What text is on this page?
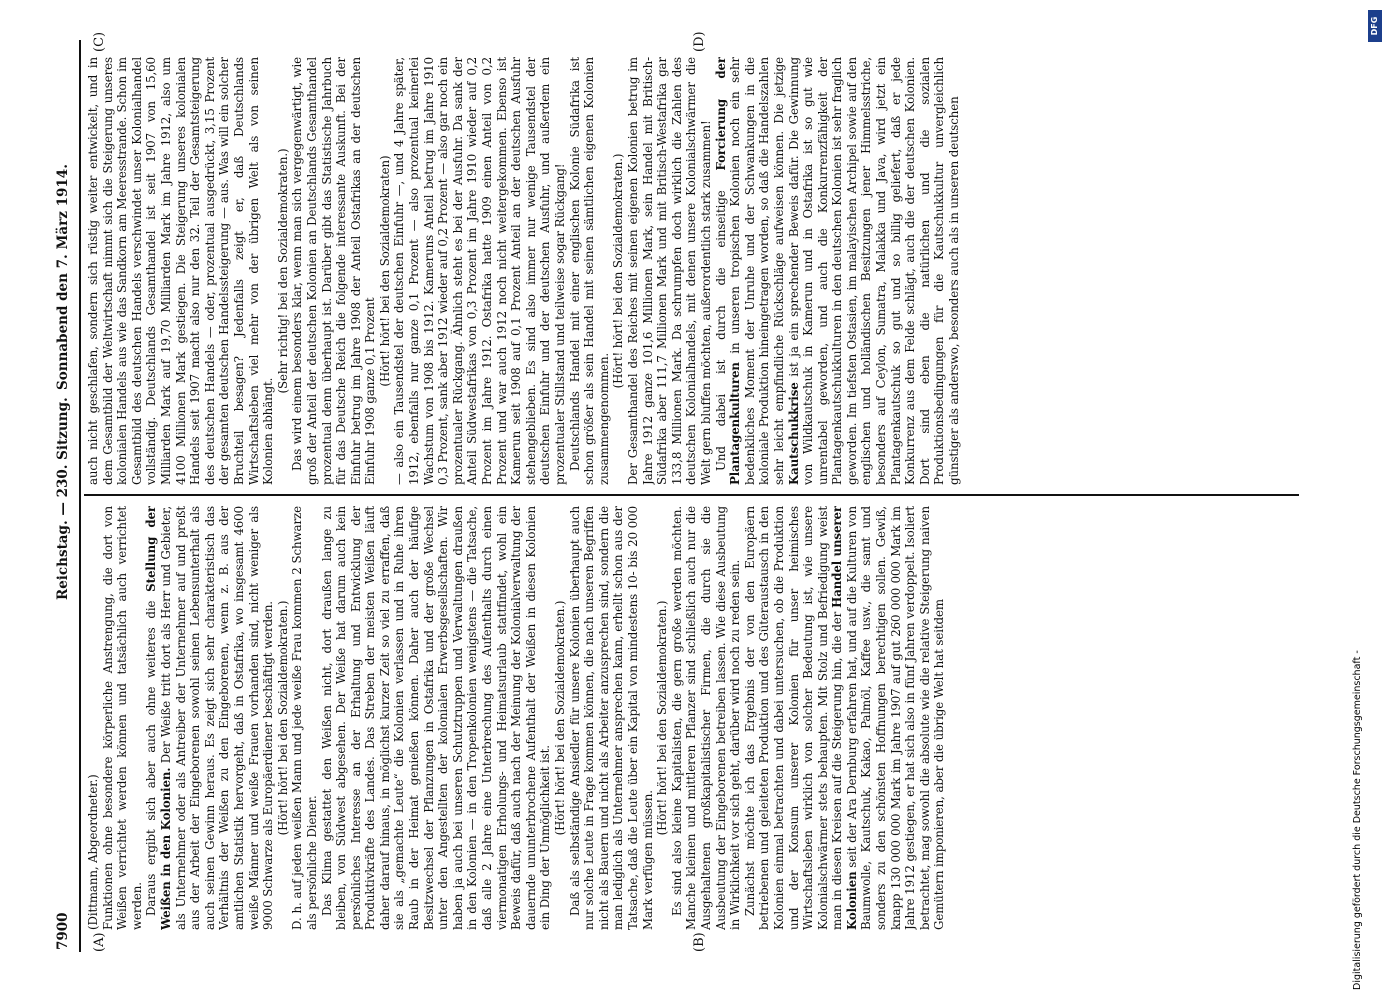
7900
Reichstag. — 230. Sitzung.
Sonnabend den 7. März 1914.
(A)	(B)
(C)	(D)

(Dittmann, Abgeordneter.) Funktionen ohne besondere körperliche Anstrengung, die dort von Weißen verrichtet werden können und tatsächlich auch verrichtet werden. Daraus ergibt sich aber auch ohne weiteres die Stellung der Weißen in den Kolonien. Der Weiße tritt dort als Herr und Gebieter, als Unternehmer oder als Antreiber der Unternehmer auf und preßt aus der Arbeit der Eingeborenen sowohl seinen Lebensunterhalt als auch seinen Gewinn heraus. Es zeigt sich sehr charakteristisch das Verhältnis der Weißen zu den Eingeborenen, wenn z. B. aus der amtlichen Statistik hervorgeht, daß in Ostafrika, wo insgesamt 4600 weiße Männer und weiße Frauen vorhanden sind, nicht weniger als 9000 Schwarze als Europäerdiener beschäftigt werden. (Hört! hört! bei den Sozialdemokraten.) D. h. auf jeden weißen Mann und jede weiße Frau kommen 2 Schwarze als persönliche Diener. Das Klima gestattet den Weißen nicht, dort draußen lange zu bleiben, von Südwest abgesehen. Der Weiße hat darum auch kein persönliches Interesse an der Erhaltung und Entwicklung der Produktivkräfte des Landes. Das Streben der meisten Weißen läuft daher darauf hinaus, in möglichst kurzer Zeit so viel zu erraffen, daß sie als „gemachte Leute“ die Kolonien verlassen und in Ruhe ihren Raub in der Heimat genießen können. Daher auch der häufige Besitzwechsel der Pflanzungen in Ostafrika und der große Wechsel unter den Angestellten der kolonialen Erwerbsgesellschaften. Wir haben ja auch bei unseren Schutztruppen und Verwaltungen draußen in den Kolonien — in den Tropenkolonien wenigstens — die Tatsache, daß alle 2 Jahre eine Unterbrechung des Aufenthalts durch einen viermonatigen Erholungs- und Heimatsurlaub stattfindet, wohl ein Beweis dafür, daß auch nach der Meinung der Kolonialverwaltung der dauernde ununterbrochene Aufenthalt der Weißen in diesen Kolonien ein Ding der Unmöglichkeit ist.

(Hört! hört! bei den Sozialdemokraten.) Daß als selbständige Ansiedler für unsere Kolonien überhaupt auch nur solche Leute in Frage kommen können, die nach unseren Begriffen nicht als Bauern und nicht als Arbeiter anzusprechen sind, sondern die man lediglich als Unternehmer ansprechen kann, erhellt schon aus der Tatsache, daß die Leute über ein Kapital von mindestens 10- bis 20 000 Mark verfügen müssen.

(Hört! hört! bei den Sozialdemokraten.) Es sind also kleine Kapitalisten, die gern große werden möchten. Manche kleinen und mittleren Pflanzer sind schließlich auch nur die Ausgehaltenen großkapitalistischer Firmen, die durch sie die Ausbeutung der Eingeborenen betreiben lassen. Wie diese Ausbeutung in Wirklichkeit vor sich geht, darüber wird noch zu reden sein. Zunächst möchte ich das Ergebnis der von den Europäern betriebenen und geleiteten Produktion und des Güteraustausch in den Kolonien einmal betrachten und dabei untersuchen, ob die Produktion und der Konsum unserer Kolonien für unser heimisches Wirtschaftsleben wirklich von solcher Bedeutung ist, wie unsere Kolonialschwärmer stets behaupten. Mit Stolz und Befriedigung weist man in diesen Kreisen auf die Steigerung hin, die der Handel unserer Kolonien seit der Ara Dernburg erfahren hat, und auf die Kulturen von Baumwolle, Kautschuk, Kakao, Palmöl, Kaffee usw., die samt und sonders zu den schönsten Hoffnungen berechtigen sollen. Gewiß, knapp 130 000 000 Mark im Jahre 1907 auf gut 260 000 000 Mark im Jahre 1912 gestiegen, er hat sich also in fünf Jahren verdoppelt. Isoliert betrachtet, mag sowohl die absolute wie die relative Steigerung naiven Gemütern imponieren, aber die übrige Welt hat seitdem

auch nicht geschlafen, sondern sich rüstig weiter entwickelt, und in dem Gesamtbild der Weltwirtschaft nimmt sich die Steigerung unseres kolonialen Handels aus wie das Sandkorn am Meeresstrande. Schon im Gesamtbild des deutschen Handels verschwindet unser Kolonialhandel vollständig. Deutschlands Gesamthandel ist seit 1907 von 15,60 Milliarden Mark auf 19,70 Milliarden Mark im Jahre 1912, also um 4100 Millionen Mark gestiegen. Die Steigerung unseres kolonialen Handels seit 1907 macht also nur den 32. Teil der Gesamtsteigerung des deutschen Handels — oder, prozentual ausgedrückt, 3,15 Prozent der gesamten deutschen Handelssteigerung — aus. Was will ein solcher Bruchteil besagen? Jedenfalls zeigt er, daß Deutschlands Wirtschaftsleben viel mehr von der übrigen Welt als von seinen Kolonien abhängt.

(Sehr richtig! bei den Sozialdemokraten.) Das wird einem besonders klar, wenn man sich vergegenwärtigt, wie groß der Anteil der deutschen Kolonien an Deutschlands Gesamthandel prozentual denn überhaupt ist. Darüber gibt das Statistische Jahrbuch für das Deutsche Reich die folgende interessante Auskunft. Bei der Einfuhr betrug im Jahre 1908 der Anteil Ostafrikas an der deutschen Einfuhr 1908 ganze 0,1 Prozent

(Hört! hört! bei den Sozialdemokraten) — also ein Tausendstel der deutschen Einfuhr —, und 4 Jahre später, 1912, ebenfalls nur ganze 0,1 Prozent — also prozentual keinerlei Wachstum von 1908 bis 1912. Kameruns Anteil betrug im Jahre 1910 0,3 Prozent, sank aber 1912 wieder auf 0,2 Prozent — also gar noch ein prozentualer Rückgang. Ähnlich steht es bei der Ausfuhr. Da sank der Anteil Südwestafrikas von 0,3 Prozent im Jahre 1910 wieder auf 0,2 Prozent im Jahre 1912. Ostafrika hatte 1909 einen Anteil von 0,2 Prozent und war auch 1912 noch nicht weitergekommen. Ebenso ist Kamerun seit 1908 auf 0,1 Prozent Anteil an der deutschen Ausfuhr stehengeblieben. Es sind also immer nur wenige Tausendstel der deutschen Einfuhr und der deutschen Ausfuhr, und außerdem ein prozentualer Stillstand und teilweise sogar Rückgang! Deutschlands Handel mit einer englischen Kolonie Südafrika ist schon größer als sein Handel mit seinen sämtlichen eigenen Kolonien zusammengenommen.

(Hört! hört! bei den Sozialdemokraten.) Der Gesamthandel des Reiches mit seinen eigenen Kolonien betrug im Jahre 1912 ganze 101,6 Millionen Mark, sein Handel mit Britisch-Südafrika aber 111,7 Millionen Mark und mit Britisch-Westafrika gar 133,8 Millionen Mark. Da schrumpfen doch wirklich die Zahlen des deutschen Kolonialhandels, mit denen unsere Kolonialschwärmer die Welt gern bluffen möchten, außerordentlich stark zusammen! Und dabei ist durch die einseitige Forcierung der Plantagenkulturen in unseren tropischen Kolonien noch ein sehr bedenkliches Moment der Unruhe und der Schwankungen in die koloniale Produktion hineingetragen worden, so daß die Handelszahlen sehr leicht empfindliche Rückschläge aufweisen können. Die jetzige Kautschukkrise ist ja ein sprechender Beweis dafür. Die Gewinnung von Wildkautschuk in Kamerun und in Ostafrika ist so gut wie unrentabel geworden, und auch die Konkurrenzfähigkeit der Plantagenkautschukkulturen in den deutschen Kolonien ist sehr fraglich geworden. Im tiefsten Ostasien, im malayischen Archipel sowie auf den englischen und holländischen Besitzungen jener Himmelsstriche, besonders auf Ceylon, Sumatra, Malakka und Java, wird jetzt ein Plantagenkautschuk so gut und so billig geliefert, daß er jede Konkurrenz aus dem Felde schlägt, auch die der deutschen Kolonien. Dort sind eben die natürlichen und die sozialen Produktionsbedingungen für die Kautschukkultur unvergleichlich günstiger als anderswo, besonders auch als in unseren deutschen

Digitalisierung gefördert durch die Deutsche Forschungsgemeinschaft -
DFG
